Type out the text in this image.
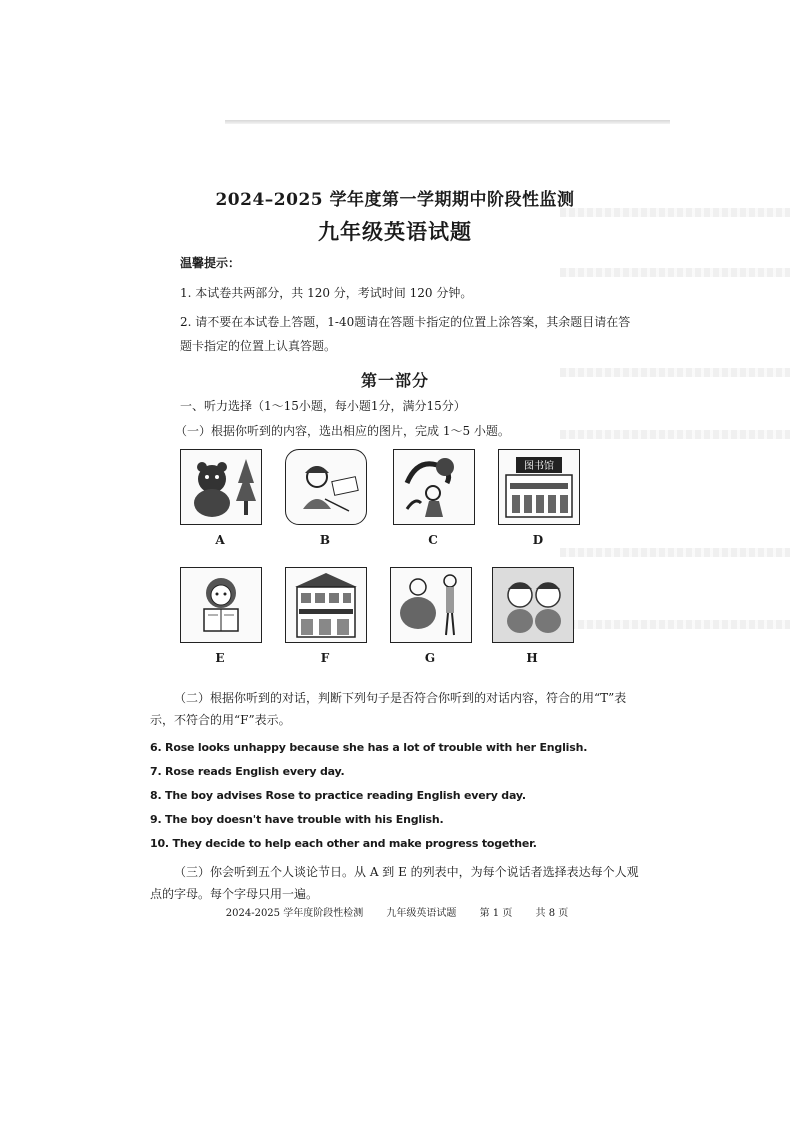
2024–2025 学年度第一学期期中阶段性监测
九年级英语试题
温馨提示：
1. 本试卷共两部分，共 120 分，考试时间 120 分钟。
2. 请不要在本试卷上答题，1-40题请在答题卡指定的位置上涂答案，其余题目请在答题卡指定的位置上认真答题。
第一部分
一、听力选择（1～15小题，每小题1分，满分15分）
（一）根据你听到的内容，选出相应的图片，完成 1～5 小题。
A	B	C
图书馆
D
E	F	G	H
（二）根据你听到的对话，判断下列句子是否符合你听到的对话内容，符合的用“T”表示，不符合的用“F”表示。
6. Rose looks unhappy because she has a lot of trouble with her English.
7. Rose reads English every day.
8. The boy advises Rose to practice reading English every day.
9. The boy doesn't have trouble with his English.
10. They decide to help each other and make progress together.
（三）你会听到五个人谈论节日。从 A 到 E 的列表中，为每个说话者选择表达每个人观点的字母。每个字母只用一遍。
2024-2025 学年度阶段性检测 九年级英语试题 第 1 页 共 8 页
